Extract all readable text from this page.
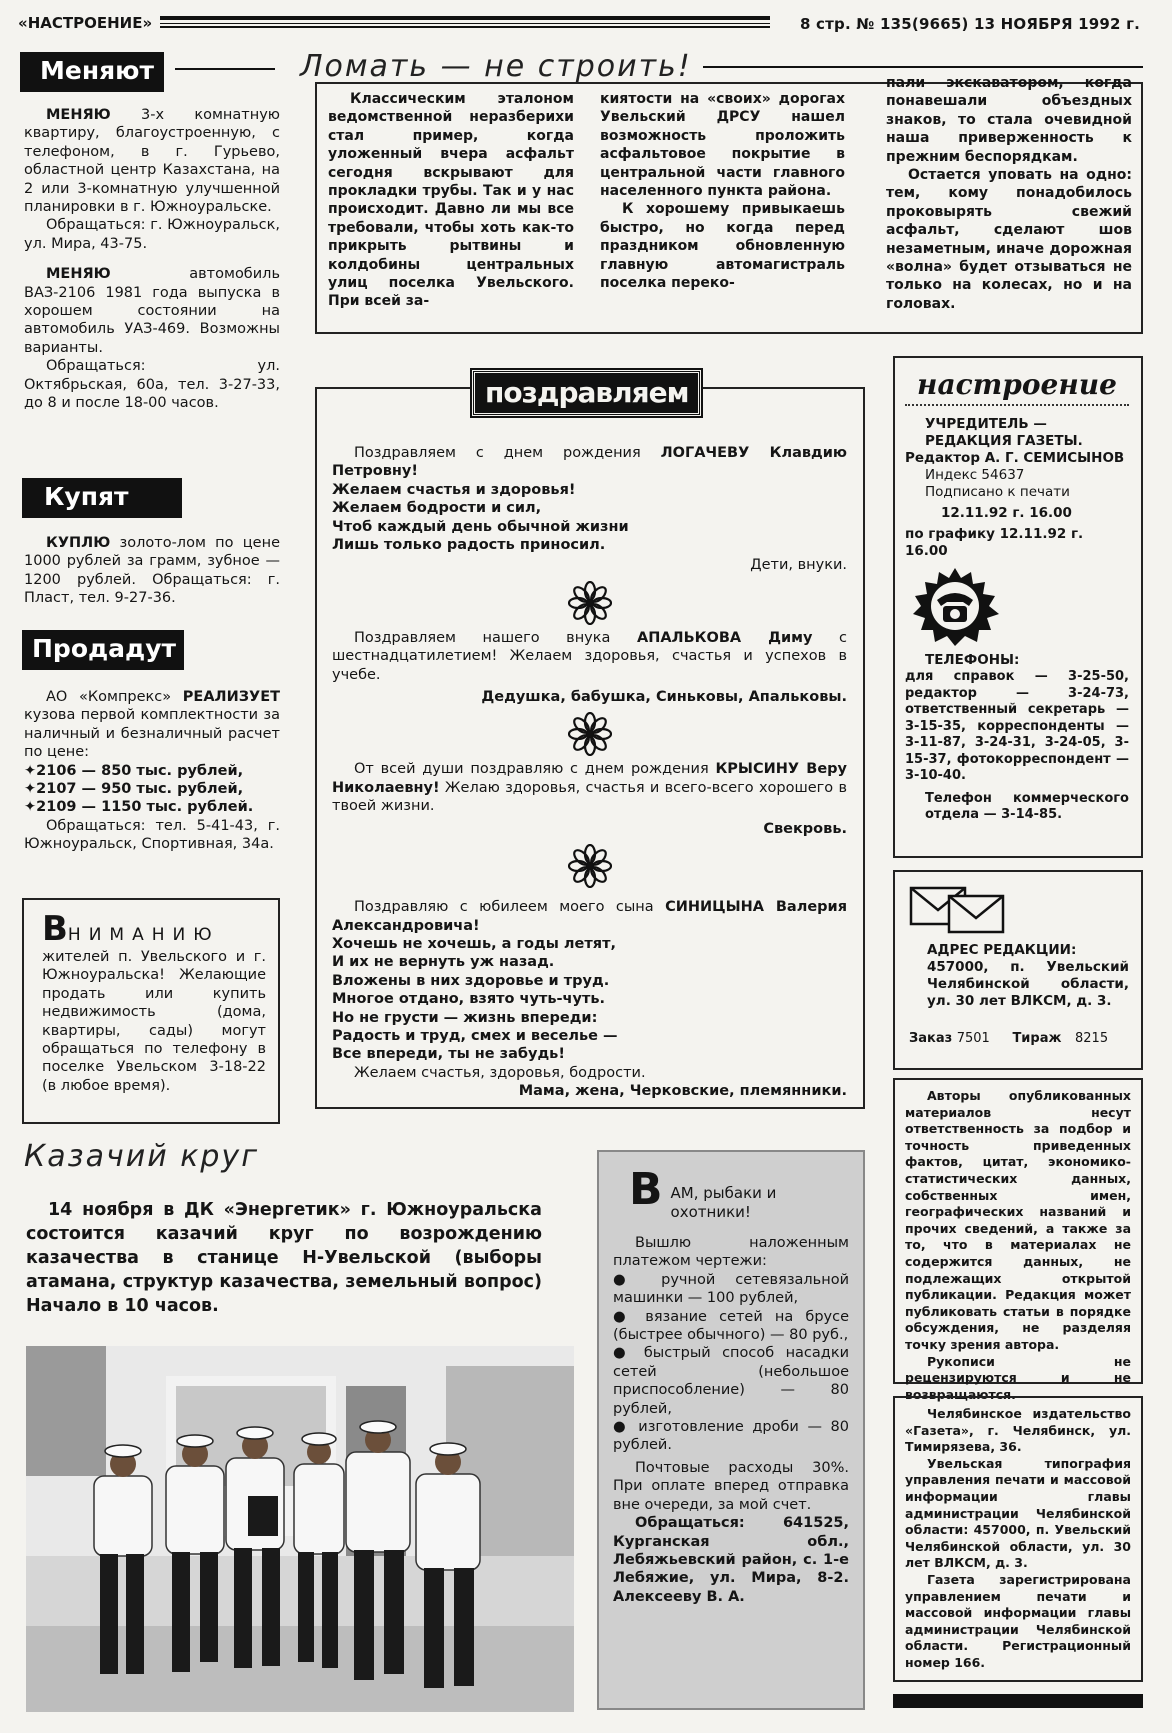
«НАСТРОЕНИЕ»	8 стр. № 135(9665) 13 НОЯБРЯ 1992 г.
Меняют

МЕНЯЮ 3-х комнатную квартиру, благоустроенную, с телефоном, в г. Гурьево, областной центр Казахстана, на 2 или 3-комнатную улучшенной планировки в г. Южноуральске.

Обращаться: г. Южноуральск, ул. Мира, 43-75.

МЕНЯЮ	автомобиль ВАЗ-2106 1981 года выпуска в хорошем состоянии на автомобиль УАЗ-469. Возможны варианты.

Обращаться: ул. Октябрьская, 60а, тел. 3-27-33, до 8 и после 18-00 часов.

Купят

КУПЛЮ золото-лом по цене 1000 рублей за грамм, зубное — 1200 рублей. Обращаться: г. Пласт, тел. 9-27-36.

Продадут

АО «Компрекс» РЕАЛИЗУЕТ кузова первой комплектности за наличный и безналичный расчет по цене:

✦2106 — 850 тыс. рублей,

✦2107 — 950 тыс. рублей,

✦2109 — 1150 тыс. рублей.

Обращаться: тел. 5-41-43, г. Южноуральск, Спортивная, 34а.

ВНИМАНИЮ

жителей п. Увельского и г. Южноуральска! Желающие продать или купить недвижимость (дома, квартиры, сады) могут обращаться по телефону в поселке Увельском 3-18-22 (в любое время).

Ломать — не строить!

Классическим эталоном ведомственной неразберихи стал пример, когда уложенный вчера асфальт сегодня вскрывают для прокладки трубы. Так и у нас происходит. Давно ли мы все требовали, чтобы хоть как-то прикрыть рытвины и колдобины центральных улиц поселка Увельского. При всей за-

киятости на «своих» дорогах Увельский ДРСУ нашел возможность проложить асфальтовое покрытие в центральной части главного населенного пункта района.

К хорошему привыкаешь быстро, но когда перед праздником обновленную главную автомагистраль поселка переко-

пали экскаватором, когда понавешали объездных знаков, то стала очевидной наша приверженность к прежним беспорядкам.

Остается уповать на одно: тем, кому понадобилось проковырять свежий асфальт, сделают шов незаметным, иначе дорожная «волна» будет отзываться не только на колесах, но и на головах.

поздравляем

Поздравляем с днем рождения ЛОГАЧЕВУ Клавдию Петровну!

Желаем счастья и здоровья!

Желаем бодрости и сил,

Чтоб каждый день обычной жизни

Лишь только радость приносил.

Дети, внуки.

Поздравляем нашего внука АПАЛЬКОВА Диму с шестнадцатилетием! Желаем здоровья, счастья и успехов в учебе.

Дедушка, бабушка, Синьковы, Апальковы.

От всей души поздравляю с днем рождения КРЫСИНУ Веру Николаевну! Желаю здоровья, счастья и всего-всего хорошего в твоей жизни.

Свекровь.

Поздравляю с юбилеем моего сына СИНИЦЫНА Валерия Александровича!

Хочешь не хочешь, а годы летят,

И их не вернуть уж назад.

Вложены в них здоровье и труд.

Многое отдано, взято чуть-чуть.

Но не грусти — жизнь впереди:

Радость и труд, смех и веселье —

Все впереди, ты не забудь!

Желаем счастья, здоровья, бодрости.

Мама, жена, Черковские, племянники.

настроение

УЧРЕДИТЕЛЬ — РЕДАКЦИЯ ГАЗЕТЫ.

Редактор А. Г. СЕМИСЫНОВ

Индекс 54637

Подписано к печати

12.11.92 г. 16.00

по графику 12.11.92 г. 16.00

ТЕЛЕФОНЫ:

для справок — 3-25-50, редактор — 3-24-73, ответственный секретарь — 3-15-35, корреспонденты — 3-11-87, 3-24-31, 3-24-05, 3-15-37, фотокорреспондент — 3-10-40.

Телефон коммерческого отдела — 3-14-85.

АДРЕС РЕДАКЦИИ:

457000, п. Увельский Челябинской области, ул. 30 лет ВЛКСМ, д. 3.

Заказ 7501 Тираж 8215

Авторы опубликованных материалов несут ответственность за подбор и точность приведенных фактов, цитат, экономико-статистических данных, собственных имен, географических названий и прочих сведений, а также за то, что в материалах не содержится данных, не подлежащих открытой публикации. Редакция может публиковать статьи в порядке обсуждения, не разделяя точку зрения автора.

Рукописи не рецензируются и не возвращаются.

Челябинское издательство «Газета», г. Челябинск, ул. Тимирязева, 36.

Увельская типография управления печати и массовой информации главы администрации Челябинской области: 457000, п. Увельский Челябинской области, ул. 30 лет ВЛКСМ, д. 3.

Газета зарегистрирована управлением печати и массовой информации главы администрации Челябинской области. Регистрационный номер 166.

Казачий круг

14 ноября в ДК «Энергетик» г. Южноуральска состоится казачий круг по возрождению казачества в станице Н-Увельской (выборы атамана, структур казачества, земельный вопрос) Начало в 10 часов.

В АМ, рыбаки и охотники!

Вышлю наложенным платежом чертежи:

● ручной сетевязальной машинки — 100 рублей,

● вязание сетей на брусе (быстрее обычного) — 80 руб.,

● быстрый способ насадки сетей (небольшое приспособление) — 80 рублей,

● изготовление дроби — 80 рублей.

Почтовые расходы 30%. При оплате вперед отправка вне очереди, за мой счет.

Обращаться: 641525, Курганская обл., Лебяжьевский район, с. 1-е Лебяжие, ул. Мира, 8-2. Алексееву В. А.
